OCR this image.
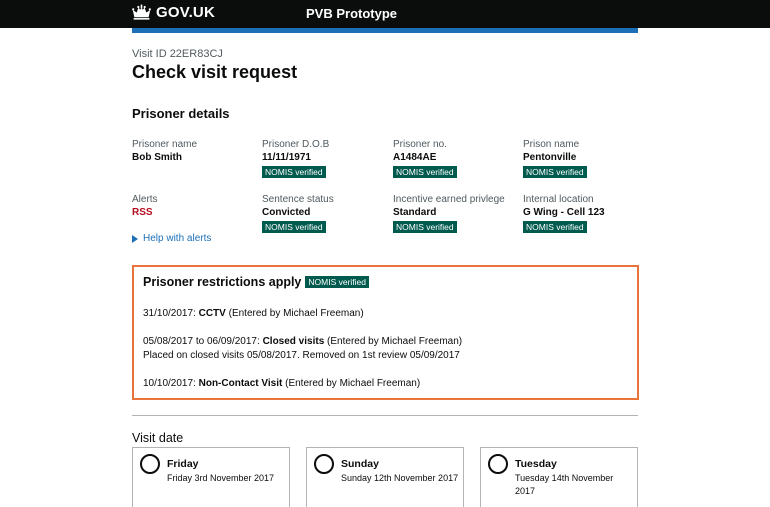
GOV.UK	PVB Prototype
Visit ID 22ER83CJ
Check visit request
Prisoner details
Prisoner name
Bob Smith
Prisoner D.O.B
11/11/1971
NOMIS verified
Prisoner no.
A1484AE
NOMIS verified
Prison name
Pentonville
NOMIS verified
Alerts
RSS
Sentence status
Convicted
NOMIS verified
Incentive earned privlege
Standard
NOMIS verified
Internal location
G Wing - Cell 123
NOMIS verified
Help with alerts
Prisoner restrictions apply NOMIS verified
31/10/2017: CCTV (Entered by Michael Freeman)
05/08/2017 to 06/09/2017: Closed visits (Entered by Michael Freeman)
Placed on closed visits 05/08/2017. Removed on 1st review 05/09/2017
10/10/2017: Non-Contact Visit (Entered by Michael Freeman)
Visit date
Friday
Friday 3rd November 2017
Sunday
Sunday 12th November 2017
Tuesday
Tuesday 14th November 2017
